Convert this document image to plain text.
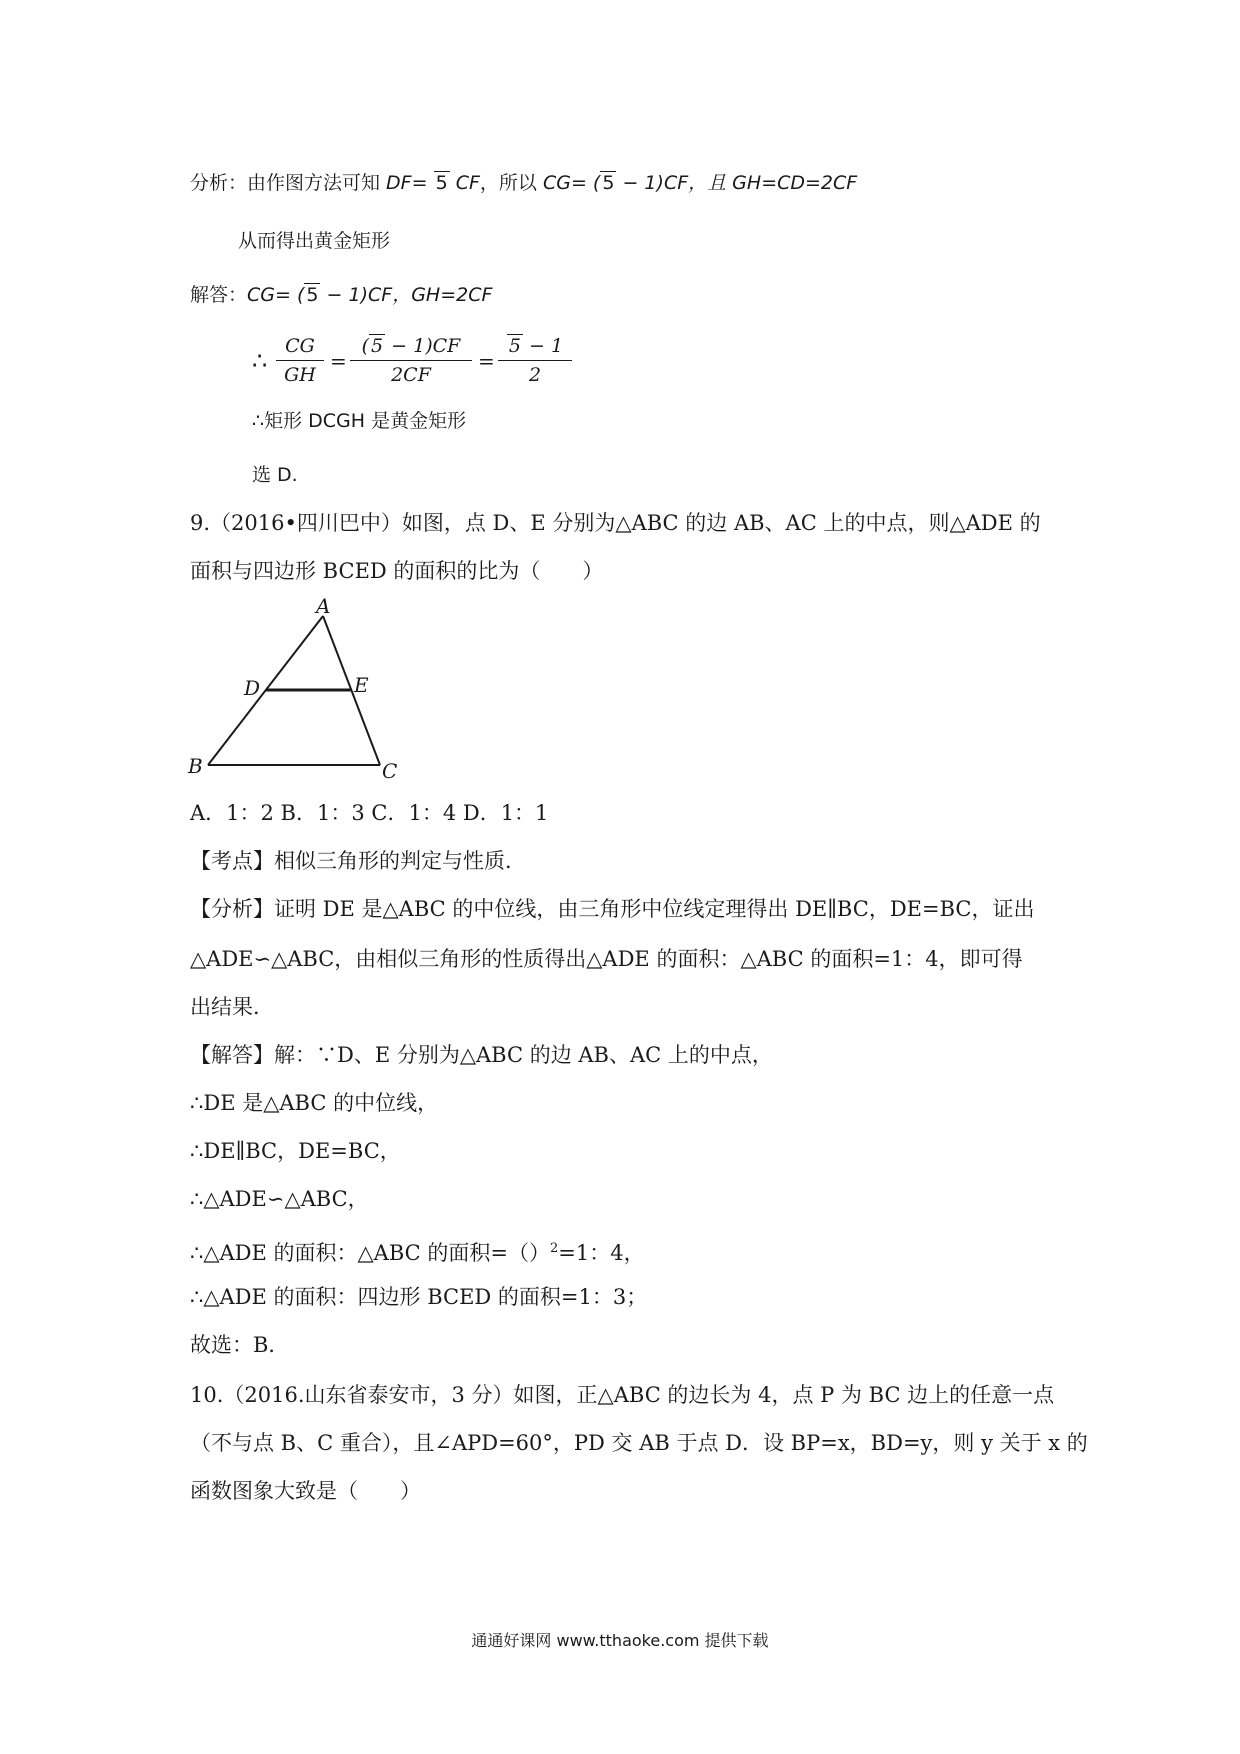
分析：由作图方法可知 DF= 5 CF，所以 CG= ( 5 − 1)CF，且 GH=CD=2CF
从而得出黄金矩形
解答：CG= ( 5 − 1)CF，GH=2CF
∴ $\frac{CG}{GH} = \frac{( 5 - 1)CF}{2CF} = \frac{5 - 1}{2}$
∴矩形 DCGH 是黄金矩形
选 D.
9.（2016•四川巴中）如图，点 D、E 分别为△ABC 的边 AB、AC 上的中点，则△ADE 的
面积与四边形 BCED 的面积的比为（　　）
A
D	E
B	C
A．1：2 B．1：3 C．1：4 D．1：1
【考点】相似三角形的判定与性质．
【分析】证明 DE 是△ABC 的中位线，由三角形中位线定理得出 DE∥BC，DE=BC，证出
△ADE∽△ABC，由相似三角形的性质得出△ADE 的面积：△ABC 的面积=1：4，即可得
出结果．
【解答】解：∵D、E 分别为△ABC 的边 AB、AC 上的中点，
∴DE 是△ABC 的中位线，
∴DE∥BC，DE=BC，
∴△ADE∽△ABC，
∴△ADE 的面积：△ABC 的面积=（）$^2$=1：4，
∴△ADE 的面积：四边形 BCED 的面积=1：3；
故选：B．
10.（2016.山东省泰安市，3 分）如图，正△ABC 的边长为 4，点 P 为 BC 边上的任意一点
（不与点 B、C 重合），且∠APD=60°，PD 交 AB 于点 D．设 BP=x，BD=y，则 y 关于 x 的
函数图象大致是（　　）
通通好课网 www.tthaoke.com 提供下载
